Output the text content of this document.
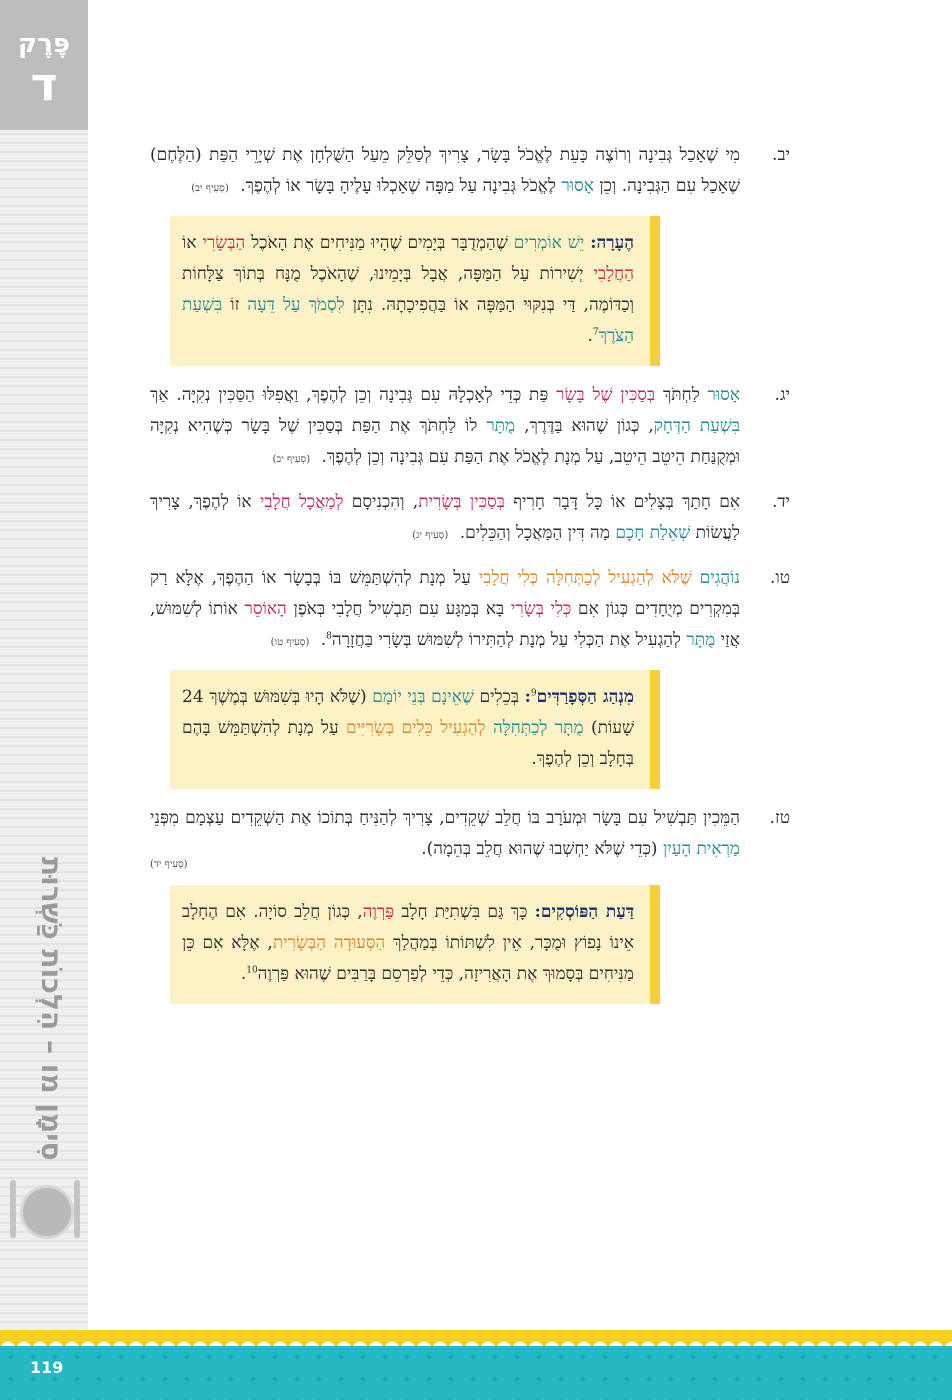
פֶּרֶק
ד
סִימָן מו – הִלְכוֹת כַּשְׁרוּת
יב.
מִי שֶׁאָכַל גְּבִינָה וְרוֹצֶה כָּעֵת לֶאֱכֹל בָּשָׂר, צָרִיךְ לְסַלֵּק מֵעַל הַשֻּׁלְחָן אֶת שְׁיָרֵי הַפַּת (הַלֶּחֶם) שֶׁאָכַל עִם הַגְּבִינָה. וְכֵן אָסוּר לֶאֱכֹל גְּבִינָה עַל מַפָּה שֶׁאָכְלוּ עָלֶיהָ בָּשָׂר אוֹ לְהֶפֶךְ. (סְעִיף יב)
הֶעָרָה: יֵשׁ אוֹמְרִים שֶׁהַמְדֻבָּר בְּיָמִים שֶׁהָיוּ מַנִּיחִים אֶת הָאֹכֶל הַבְּשָׂרִי אוֹ הַחֲלָבִי יְשִׁירוֹת עַל הַמַּפָּה, אֲבָל בְּיָמֵינוּ, שֶׁהָאֹכֶל מֻנָּח בְּתוֹךְ צַלָּחוֹת וְכַדּוֹמֶה, דַּי בְּנִקּוּי הַמַּפָּה אוֹ בַּהֲפִיכָתָהּ. נִתָּן לִסְמֹךְ עַל דֵּעָה זוֹ בִּשְׁעַת הַצֹּרֶךְ$^7$.
יג.
אָסוּר לַחְתֹּךְ בְּסַכִּין שֶׁל בָּשָׂר פַּת כְּדֵי לְאָכְלָהּ עִם גְּבִינָה וְכֵן לְהֶפֶךְ, וַאֲפִלּוּ הַסַּכִּין נְקִיָּה. אַךְ בִּשְׁעַת הַדְּחָק, כְּגוֹן שֶׁהוּא בַּדֶּרֶךְ, מֻתָּר לוֹ לַחְתֹּךְ אֶת הַפַּת בְּסַכִּין שֶׁל בָּשָׂר כְּשֶׁהִיא נְקִיָּה וּמְקֻנַּחַת הֵיטֵב הֵיטֵב, עַל מְנָת לֶאֱכֹל אֶת הַפַּת עִם גְּבִינָה וְכֵן לְהֶפֶךְ. (סְעִיף יב)
יד.
אִם חָתַךְ בְּצָלִים אוֹ כָּל דָּבָר חָרִיף בְּסַכִּין בְּשָׂרִית, וְהִכְנִיסָם לְמַאֲכָל חֲלָבִי אוֹ לְהֶפֶךְ, צָרִיךְ לַעֲשׂוֹת שְׁאֵלַת חָכָם מַה דִּין הַמַּאֲכָל וְהַכֵּלִים. (סְעִיף יג)
טו.
נוֹהֲגִים שֶׁלֹּא לְהַגְעִיל לְכַתְּחִלָּה כְּלִי חֲלָבִי עַל מְנָת לְהִשְׁתַּמֵּשׁ בּוֹ בְּבָשָׂר אוֹ הַהֶפֶךְ, אֶלָּא רַק בְּמִקְרִים מְיֻחָדִים כְּגוֹן אִם כְּלִי בְּשָׂרִי בָּא בְּמַגָּע עִם תַּבְשִׁיל חֲלָבִי בְּאֹפֶן הָאוֹסֵר אוֹתוֹ לְשִׁמּוּשׁ, אֲזַי מֻתָּר לְהַגְעִיל אֶת הַכְּלִי עַל מְנָת לְהַתִּירוֹ לְשִׁמּוּשׁ בְּשָׂרִי בַּחֲזָרָה$^8$. (סְעִיף טו)
מִנְהַג הַסְּפָרַדִּים$^9$: בְּכֵלִים שֶׁאֵינָם בְּנֵי יוֹמָם (שֶׁלֹּא הָיוּ בְּשִׁמּוּשׁ בְּמֶשֶׁךְ 24 שָׁעוֹת) מֻתָּר לְכַתְּחִלָּה לְהַגְעִיל כֵּלִים בְּשָׂרִיִּים עַל מְנָת לְהִשְׁתַּמֵּשׁ בָּהֶם בְּחָלָב וְכֵן לְהֶפֶךְ.
טז.
הַמֵּכִין תַּבְשִׁיל עִם בָּשָׂר וּמְעֹרָב בּוֹ חֲלֵב שְׁקֵדִים, צָרִיךְ לְהַנִּיחַ בְּתוֹכוֹ אֶת הַשְּׁקֵדִים עַצְמָם מִפְּנֵי מַרְאִית הָעַיִן (כְּדֵי שֶׁלֹּא יַחְשְׁבוּ שֶׁהוּא חֲלֵב בְּהֵמָה).
(סְעִיף יד)
דַּעַת הַפּוֹסְקִים: כָּךְ גַּם בִּשְׁתִיַּת חָלָב פַּרְוֶה, כְּגוֹן חֲלֵב סוֹיָה. אִם הֶחָלָב אֵינוֹ נָפוֹץ וּמֻכָּר, אֵין לִשְׁתּוֹתוֹ בְּמַהֲלַךְ הַסְּעוּדָה הַבְּשָׂרִית, אֶלָּא אִם כֵּן מַנִּיחִים בְּסָמוּךְ אֶת הָאֲרִיזָה, כְּדֵי לְפַרְסֵם בָּרַבִּים שֶׁהוּא פַּרְוֶה$^{10}$.
119
